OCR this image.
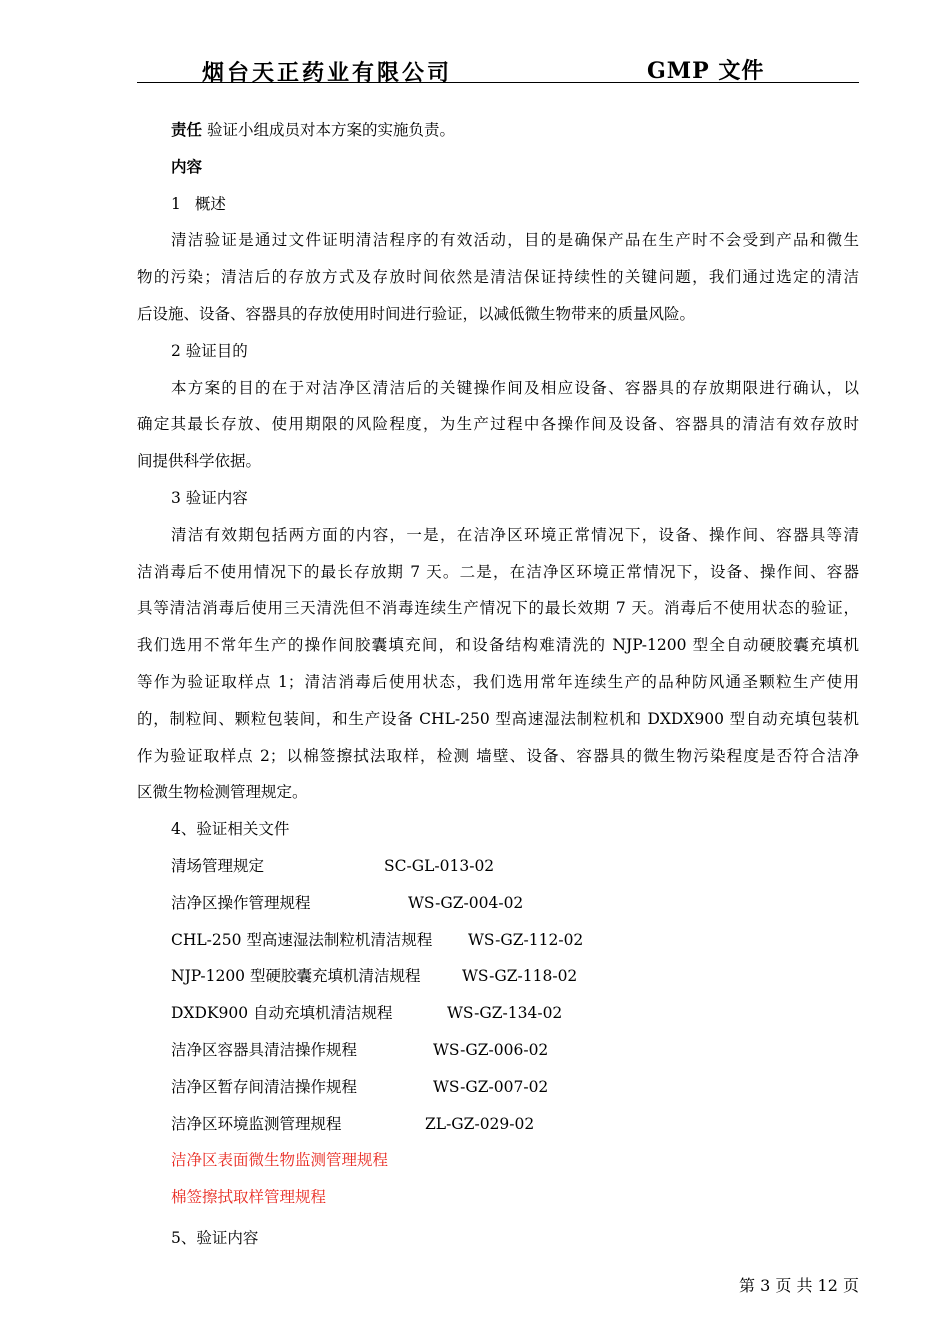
烟台天正药业有限公司	GMP 文件
责任 验证小组成员对本方案的实施负责。
内容
1 概述
清洁验证是通过文件证明清洁程序的有效活动，目的是确保产品在生产时不会受到产品和微生
物的污染；清洁后的存放方式及存放时间依然是清洁保证持续性的关键问题，我们通过选定的清洁
后设施、设备、容器具的存放使用时间进行验证，以减低微生物带来的质量风险。
2 验证目的
本方案的目的在于对洁净区清洁后的关键操作间及相应设备、容器具的存放期限进行确认，以
确定其最长存放、使用期限的风险程度，为生产过程中各操作间及设备、容器具的清洁有效存放时
间提供科学依据。
3 验证内容
清洁有效期包括两方面的内容，一是，在洁净区环境正常情况下，设备、操作间、容器具等清
洁消毒后不使用情况下的最长存放期 7 天。二是，在洁净区环境正常情况下，设备、操作间、容器
具等清洁消毒后使用三天清洗但不消毒连续生产情况下的最长效期 7 天。消毒后不使用状态的验证，
我们选用不常年生产的操作间胶囊填充间，和设备结构难清洗的 NJP-1200 型全自动硬胶囊充填机
等作为验证取样点 1；清洁消毒后使用状态，我们选用常年连续生产的品种防风通圣颗粒生产使用
的，制粒间、颗粒包装间，和生产设备 CHL-250 型高速湿法制粒机和 DXDX900 型自动充填包装机
作为验证取样点 2；以棉签擦拭法取样，检测 墙壁、设备、容器具的微生物污染程度是否符合洁净
区微生物检测管理规定。
4、验证相关文件
清场管理规定	SC-GL-013-02
洁净区操作管理规程	WS-GZ-004-02
CHL-250 型高速湿法制粒机清洁规程 WS-GZ-112-02
NJP-1200 型硬胶囊充填机清洁规程	WS-GZ-118-02
DXDK900 自动充填机清洁规程	WS-GZ-134-02
洁净区容器具清洁操作规程	WS-GZ-006-02
洁净区暂存间清洁操作规程	WS-GZ-007-02
洁净区环境监测管理规程	ZL-GZ-029-02
洁净区表面微生物监测管理规程
棉签擦拭取样管理规程
5、验证内容
第 3 页 共 12 页
